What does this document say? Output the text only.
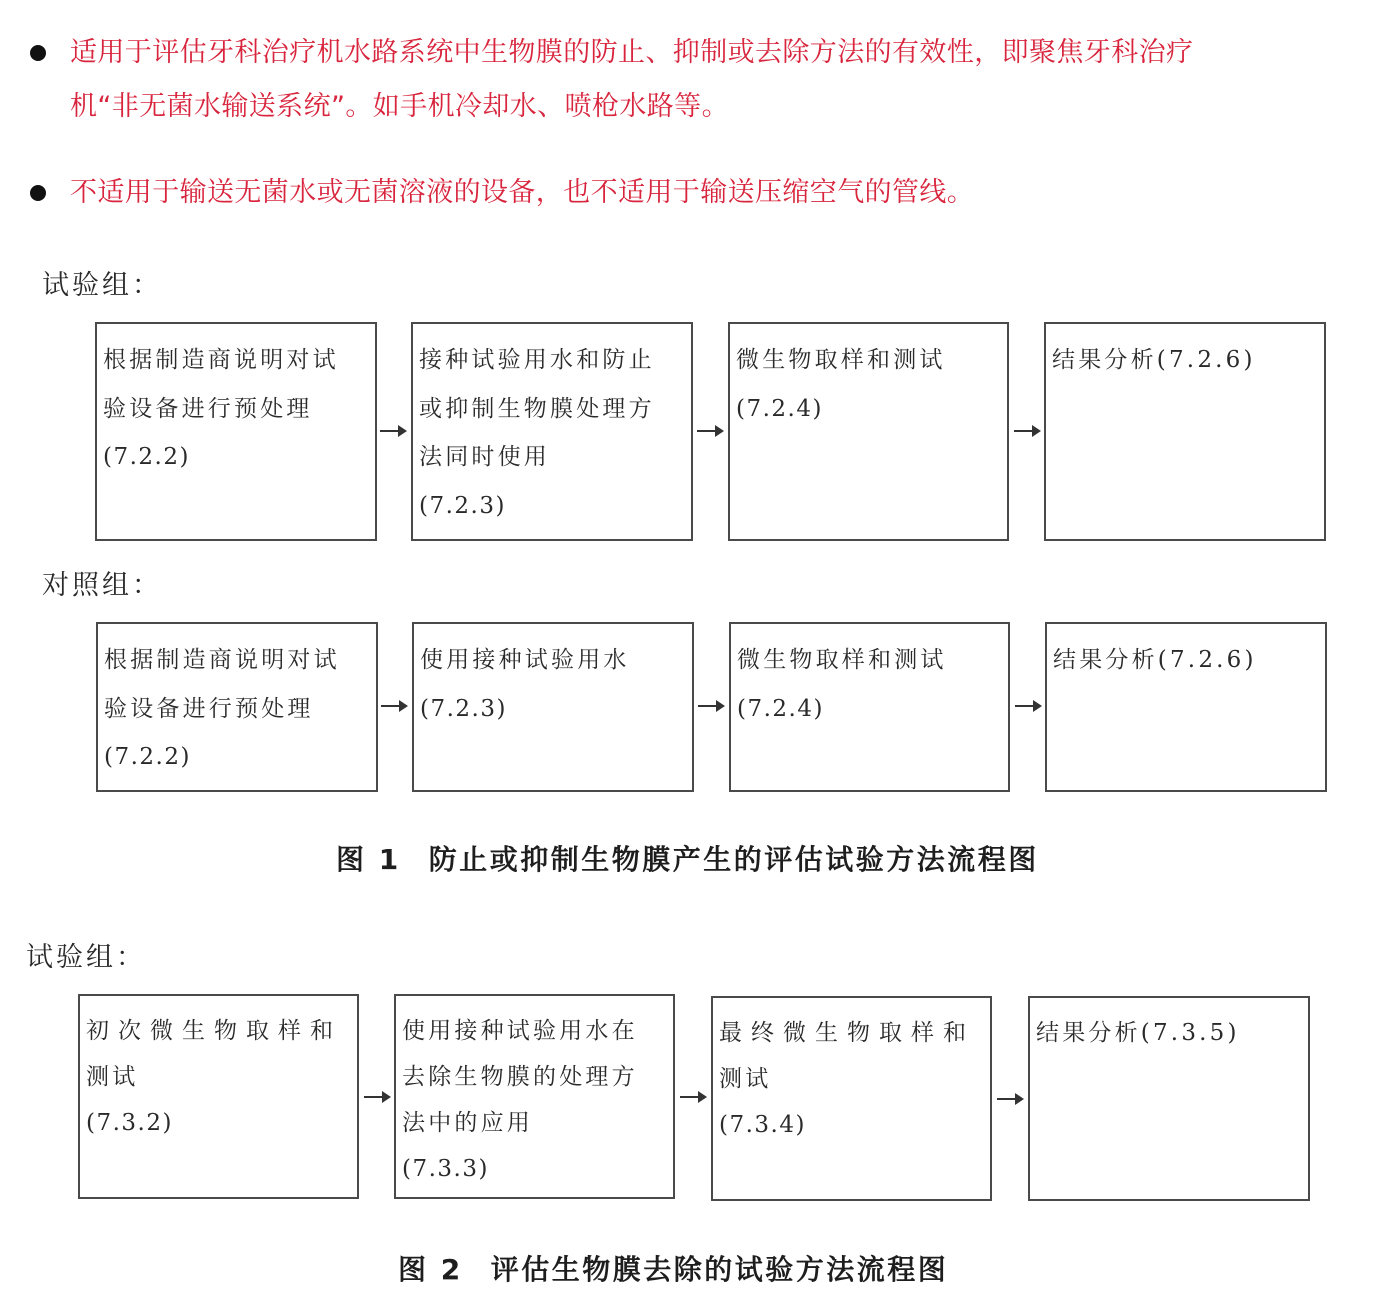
适用于评估牙科治疗机水路系统中生物膜的防止、抑制或去除方法的有效性，即聚焦牙科治疗
机“非无菌水输送系统”。如手机冷却水、喷枪水路等。
不适用于输送无菌水或无菌溶液的设备，也不适用于输送压缩空气的管线。
试验组：

根据制造商说明对试

验设备进行预处理

(7.2.2)

接种试验用水和防止

或抑制生物膜处理方

法同时使用

(7.2.3)

微生物取样和测试

(7.2.4)

结果分析(7.2.6)

对照组：

根据制造商说明对试

验设备进行预处理

(7.2.2)

使用接种试验用水

(7.2.3)

微生物取样和测试

(7.2.4)

结果分析(7.2.6)

图 1 防止或抑制生物膜产生的评估试验方法流程图
试验组：

初次微生物取样和

测试

(7.3.2)

使用接种试验用水在

去除生物膜的处理方

法中的应用

(7.3.3)

最终微生物取样和

测试

(7.3.4)

结果分析(7.3.5)

图 2 评估生物膜去除的试验方法流程图
